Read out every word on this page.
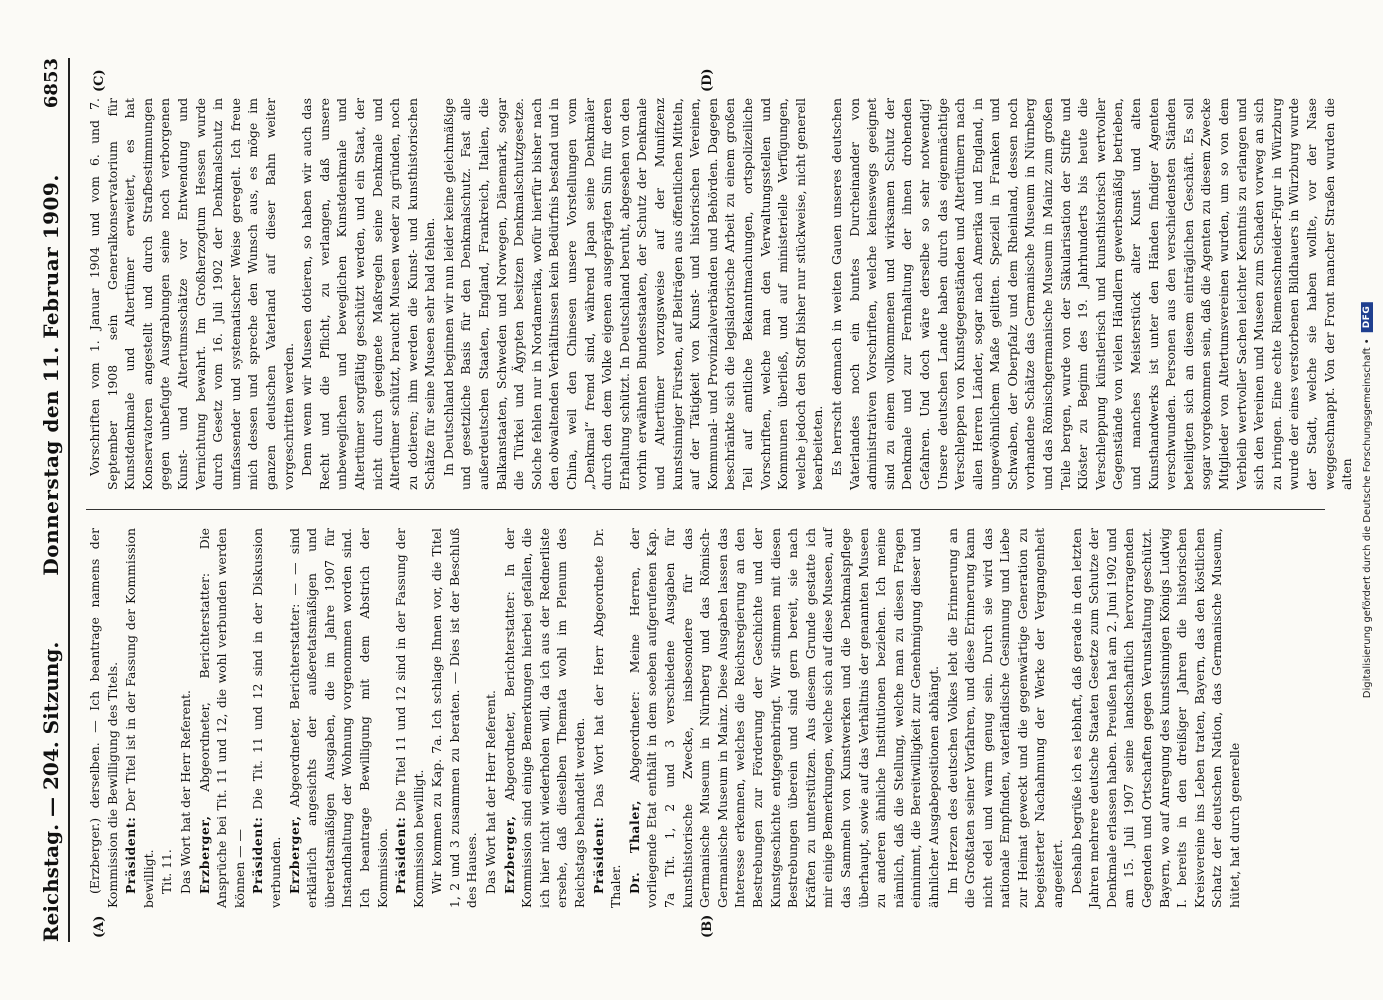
Reichstag. — 204. Sitzung.
Donnerstag den 11. Februar 1909.
6853
(A)	(B)
(C)	(D)

(Erzberger.) derselben. — Ich beantrage namens der Kommission die Bewilligung des Titels. Präsident: Der Titel ist in der Fassung der Kommission bewilligt. Tit. 11. Das Wort hat der Herr Referent. Erzberger, Abgeordneter, Berichterstatter: Die Ansprüche bei Tit. 11 und 12, die wohl verbunden werden können — — Präsident: Die Tit. 11 und 12 sind in der Diskussion verbunden. Erzberger, Abgeordneter, Berichterstatter: — — sind erklärlich angesichts der außeretatsmäßigen und überetatsmäßigen Ausgaben, die im Jahre 1907 für Instandhaltung der Wohnung vorgenommen worden sind. Ich beantrage Bewilligung mit dem Abstrich der Kommission. Präsident: Die Titel 11 und 12 sind in der Fassung der Kommission bewilligt. Wir kommen zu Kap. 7a. Ich schlage Ihnen vor, die Titel 1, 2 und 3 zusammen zu beraten. — Dies ist der Beschluß des Hauses. Das Wort hat der Herr Referent. Erzberger, Abgeordneter, Berichterstatter: In der Kommission sind einige Bemerkungen hierbei gefallen, die ich hier nicht wiederholen will, da ich aus der Rednerliste ersehe, daß dieselben Themata wohl im Plenum des Reichstags behandelt werden. Präsident: Das Wort hat der Herr Abgeordnete Dr. Thaler. Dr. Thaler, Abgeordneter: Meine Herren, der vorliegende Etat enthält in dem soeben aufgerufenen Kap. 7a Tit. 1, 2 und 3 verschiedene Ausgaben für kunsthistorische Zwecke, insbesondere für das Germanische Museum in Nürnberg und das Römisch-Germanische Museum in Mainz. Diese Ausgaben lassen das Interesse erkennen, welches die Reichsregierung an den Bestrebungen zur Förderung der Geschichte und der Kunstgeschichte entgegenbringt. Wir stimmen mit diesen Bestrebungen überein und sind gern bereit, sie nach Kräften zu unterstützen. Aus diesem Grunde gestatte ich mir einige Bemerkungen, welche sich auf diese Museen, auf das Sammeln von Kunstwerken und die Denkmalspflege überhaupt, sowie auf das Verhältnis der genannten Museen zu anderen ähnliche Institutionen beziehen. Ich meine nämlich, daß die Stellung, welche man zu diesen Fragen einnimmt, die Bereitwilligkeit zur Genehmigung dieser und ähnlicher Ausgabepositionen abhängt. Im Herzen des deutschen Volkes lebt die Erinnerung an die Großtaten seiner Vorfahren, und diese Erinnerung kann nicht edel und warm genug sein. Durch sie wird das nationale Empfinden, vaterländische Gesinnung und Liebe zur Heimat geweckt und die gegenwärtige Generation zu begeisterter Nachahmung der Werke der Vergangenheit angeeifert. Deshalb begrüße ich es lebhaft, daß gerade in den letzten Jahren mehrere deutsche Staaten Gesetze zum Schutze der Denkmale erlassen haben. Preußen hat am 2. Juni 1902 und am 15. Juli 1907 seine landschaftlich hervorragenden Gegenden und Ortschaften gegen Verunstaltung geschützt. Bayern, wo auf Anregung des kunstsinnigen Königs Ludwig I. bereits in den dreißiger Jahren die historischen Kreisvereine ins Leben traten, Bayern, das den köstlichen Schatz der deutschen Nation, das Germanische Museum, hütet, hat durch generelle

Vorschriften vom 1. Januar 1904 und vom 6. und 7. September 1908 sein Generalkonservatorium für Kunstdenkmale und Altertümer erweitert, es hat Konservatoren angestellt und durch Strafbestimmungen gegen unbefugte Ausgrabungen seine noch verborgenen Kunst- und Altertumsschätze vor Entwendung und Vernichtung bewahrt. Im Großherzogtum Hessen wurde durch Gesetz vom 16. Juli 1902 der Denkmalschutz in umfassender und systematischer Weise geregelt. Ich freue mich dessen und spreche den Wunsch aus, es möge im ganzen deutschen Vaterland auf dieser Bahn weiter vorgeschritten werden. Denn wenn wir Museen dotieren, so haben wir auch das Recht und die Pflicht, zu verlangen, daß unsere unbeweglichen und beweglichen Kunstdenkmale und Altertümer sorgfältig geschützt werden, und ein Staat, der nicht durch geeignete Maßregeln seine Denkmale und Altertümer schützt, braucht Museen weder zu gründen, noch zu dotieren; ihm werden die Kunst- und kunsthistorischen Schätze für seine Museen sehr bald fehlen. In Deutschland beginnen wir nun leider keine gleichmäßige und gesetzliche Basis für den Denkmalschutz. Fast alle außerdeutschen Staaten, England, Frankreich, Italien, die Balkanstaaten, Schweden und Norwegen, Dänemark, sogar die Türkei und Ägypten besitzen Denkmalschutzgesetze. Solche fehlen nur in Nordamerika, wofür hierfür bisher nach den obwaltenden Verhältnissen kein Bedürfnis bestand und in China, weil den Chinesen unsere Vorstellungen vom „Denkmal“ fremd sind, während Japan seine Denkmäler durch den dem Volke eigenen ausgeprägten Sinn für deren Erhaltung schützt. In Deutschland beruht, abgesehen von den vorhin erwähnten Bundesstaaten, der Schutz der Denkmale und Altertümer vorzugsweise auf der Munifizenz kunstsinniger Fürsten, auf Beiträgen aus öffentlichen Mitteln, auf der Tätigkeit von Kunst- und historischen Vereinen, Kommunal- und Provinzialverbänden und Behörden. Dagegen beschränkte sich die legislatorische Arbeit zu einem großen Teil auf amtliche Bekanntmachungen, ortspolizeiliche Vorschriften, welche man den Verwaltungsstellen und Kommunen überließ, und auf ministerielle Verfügungen, welche jedoch den Stoff bisher nur stückweise, nicht generell bearbeiteten. Es herrscht demnach in weiten Gauen unseres deutschen Vaterlandes noch ein buntes Durcheinander von administrativen Vorschriften, welche keineswegs geeignet sind zu einem vollkommenen und wirksamen Schutz der Denkmale und zur Fernhaltung der ihnen drohenden Gefahren. Und doch wäre derselbe so sehr notwendig! Unsere deutschen Lande haben durch das eigenmächtige Verschleppen von Kunstgegenständen und Altertümern nach allen Herren Länder, sogar nach Amerika und England, in ungewöhnlichem Maße gelitten. Speziell in Franken und Schwaben, der Oberpfalz und dem Rheinland, dessen noch vorhandene Schätze das Germanische Museum in Nürnberg und das Römischgermanische Museum in Mainz zum großen Teile bergen, wurde von der Säkularisation der Stifte und Klöster zu Beginn des 19. Jahrhunderts bis heute die Verschleppung künstlerisch und kunsthistorisch wertvoller Gegenstände von vielen Händlern gewerbsmäßig betrieben, und manches Meisterstück alter Kunst und alten Kunsthandwerks ist unter den Händen findiger Agenten verschwunden. Personen aus den verschiedensten Ständen beteiligten sich an diesem einträglichen Geschäft. Es soll sogar vorgekommen sein, daß die Agenten zu diesem Zwecke Mitglieder von Altertumsvereinen wurden, um so von dem Verbleib wertvoller Sachen leichter Kenntnis zu erlangen und sich den Vereinen und Museen zum Schaden vorweg an sich zu bringen. Eine echte Riemenschneider-Figur in Würzburg wurde der eines verstorbenen Bildhauers in Würzburg wurde der Stadt, welche sie haben wollte, vor der Nase weggeschnappt. Von der Front mancher Straßen wurden die alten Digitalisierung gefördert durch die Deutsche Forschungsgemeinschaft •
DFG
